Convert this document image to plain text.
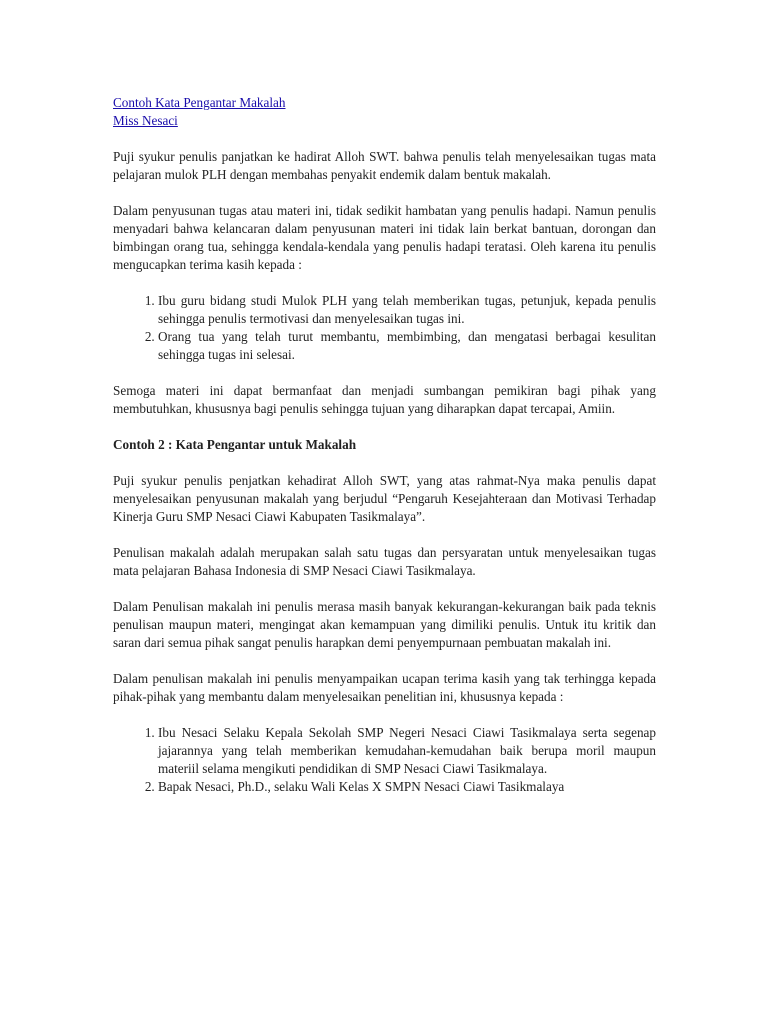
Contoh Kata Pengantar Makalah
Miss Nesaci

Puji syukur penulis panjatkan ke hadirat Alloh SWT. bahwa penulis telah menyelesaikan tugas mata pelajaran mulok PLH dengan membahas penyakit endemik dalam bentuk makalah.

Dalam penyusunan tugas atau materi ini, tidak sedikit hambatan yang penulis hadapi. Namun penulis menyadari bahwa kelancaran dalam penyusunan materi ini tidak lain berkat bantuan, dorongan dan bimbingan orang tua, sehingga kendala-kendala yang penulis hadapi teratasi. Oleh karena itu penulis mengucapkan terima kasih kepada :

1. Ibu guru bidang studi Mulok PLH yang telah memberikan tugas, petunjuk, kepada penulis sehingga penulis termotivasi dan menyelesaikan tugas ini.
2. Orang tua yang telah turut membantu, membimbing, dan mengatasi berbagai kesulitan sehingga tugas ini selesai.

Semoga materi ini dapat bermanfaat dan menjadi sumbangan pemikiran bagi pihak yang membutuhkan, khususnya bagi penulis sehingga tujuan yang diharapkan dapat tercapai, Amiin.

Contoh 2 : Kata Pengantar untuk Makalah

Puji syukur penulis penjatkan kehadirat Alloh SWT, yang atas rahmat-Nya maka penulis dapat menyelesaikan penyusunan makalah yang berjudul “Pengaruh Kesejahteraan dan Motivasi Terhadap Kinerja Guru SMP Nesaci Ciawi Kabupaten Tasikmalaya”.

Penulisan makalah adalah merupakan salah satu tugas dan persyaratan untuk menyelesaikan tugas mata pelajaran Bahasa Indonesia di SMP Nesaci Ciawi Tasikmalaya.

Dalam Penulisan makalah ini penulis merasa masih banyak kekurangan-kekurangan baik pada teknis penulisan maupun materi, mengingat akan kemampuan yang dimiliki penulis. Untuk itu kritik dan saran dari semua pihak sangat penulis harapkan demi penyempurnaan pembuatan makalah ini.

Dalam penulisan makalah ini penulis menyampaikan ucapan terima kasih yang tak terhingga kepada pihak-pihak yang membantu dalam menyelesaikan penelitian ini, khususnya kepada :

1. Ibu Nesaci Selaku Kepala Sekolah SMP Negeri Nesaci Ciawi Tasikmalaya serta segenap jajarannya yang telah memberikan kemudahan-kemudahan baik berupa moril maupun materiil selama mengikuti pendidikan di SMP Nesaci Ciawi Tasikmalaya.
2. Bapak Nesaci, Ph.D., selaku Wali Kelas X SMPN Nesaci Ciawi Tasikmalaya
